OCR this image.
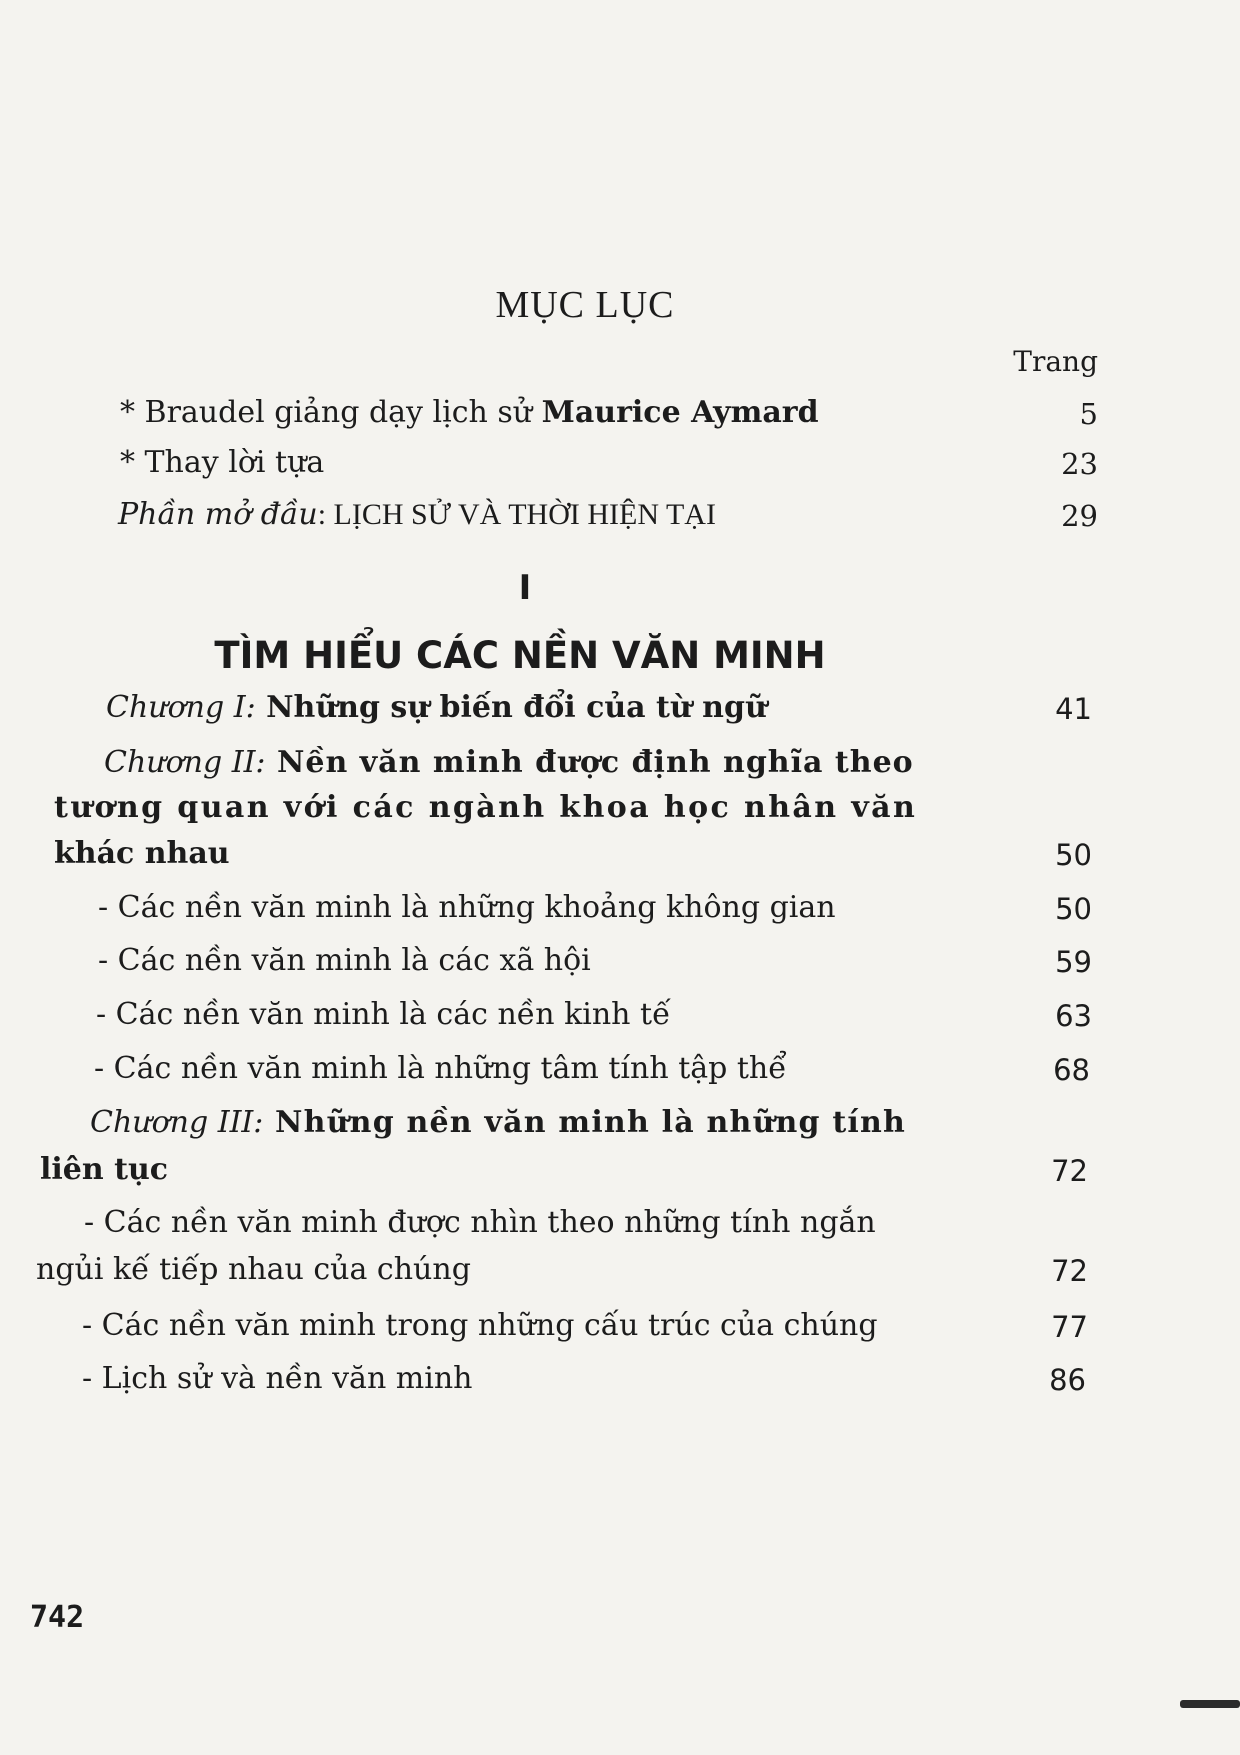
MỤC LỤC
Trang
* Braudel giảng dạy lịch sử Maurice Aymard	5
* Thay lời tựa	23
Phần mở đầu: LỊCH SỬ VÀ THỜI HIỆN TẠI	29
I
TÌM HIỂU CÁC NỀN VĂN MINH
Chương I: Những sự biến đổi của từ ngữ	41
Chương II: Nền văn minh được định nghĩa theo
tương quan với các ngành khoa học nhân văn
khác nhau	50
- Các nền văn minh là những khoảng không gian	50
- Các nền văn minh là các xã hội	59
- Các nền văn minh là các nền kinh tế	63
- Các nền văn minh là những tâm tính tập thể	68
Chương III: Những nền văn minh là những tính
liên tục	72
- Các nền văn minh được nhìn theo những tính ngắn
ngủi kế tiếp nhau của chúng	72
- Các nền văn minh trong những cấu trúc của chúng	77
- Lịch sử và nền văn minh	86
742
